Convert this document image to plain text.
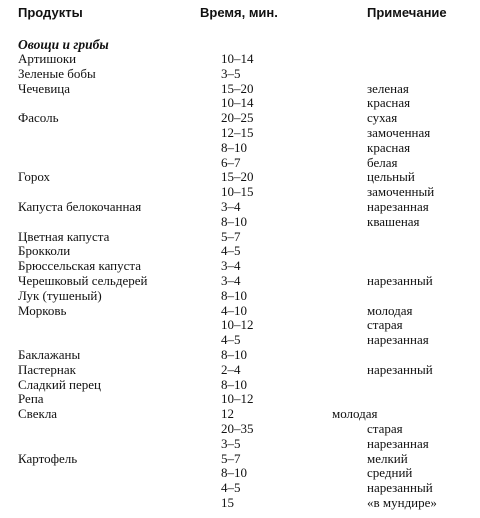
Продукты	Время, мин.	Примечание
Овощи и грибы
Артишоки	10–14
Зеленые бобы	3–5
Чечевица	15–20	зеленая
10–14	красная
Фасоль	20–25	сухая
12–15	замоченная
8–10	красная
6–7	белая
Горох	15–20	цельный
10–15	замоченный
Капуста белокочанная	3–4	нарезанная
8–10	квашеная
Цветная капуста	5–7
Брокколи	4–5
Брюссельская капуста	3–4
Черешковый сельдерей	3–4	нарезанный
Лук (тушеный)	8–10
Морковь	4–10	молодая
10–12	старая
4–5	нарезанная
Баклажаны	8–10
Пастернак	2–4	нарезанный
Сладкий перец	8–10
Репа	10–12
Свекла	12	молодая
20–35	старая
3–5	нарезанная
Картофель	5–7	мелкий
8–10	средний
4–5	нарезанный
15	«в мундире»
